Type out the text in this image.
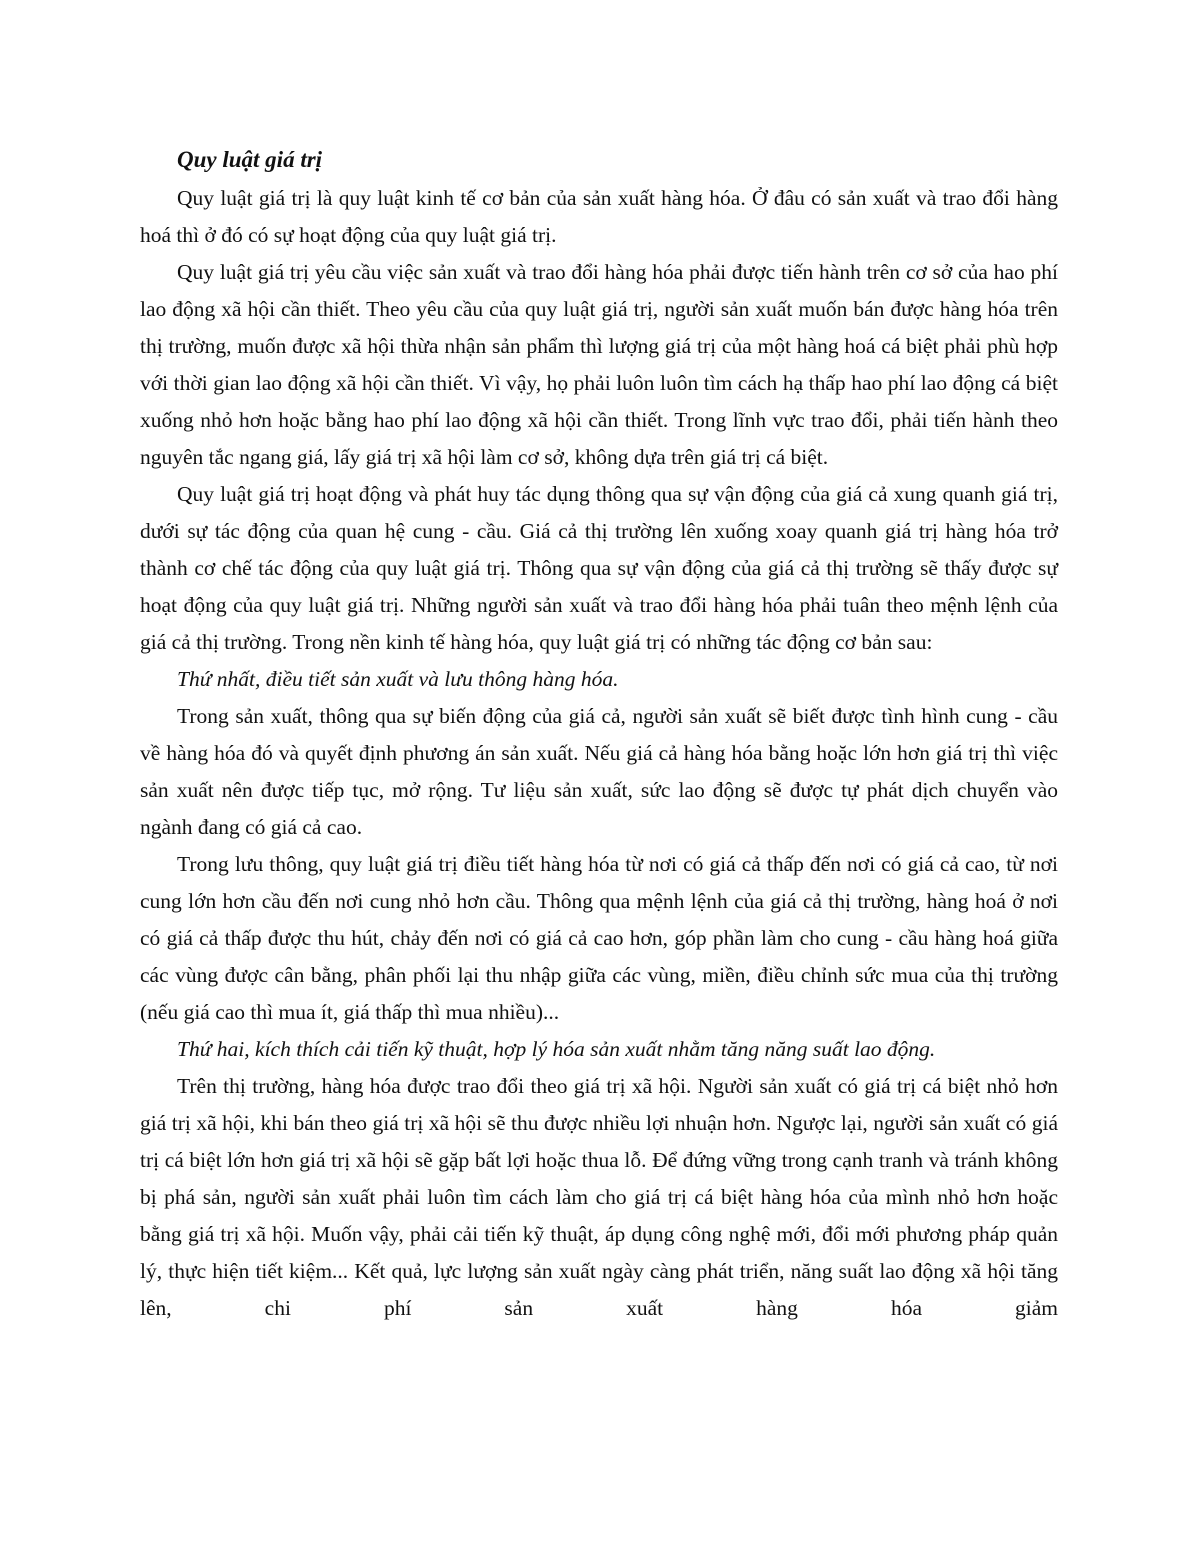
Quy luật giá trị

Quy luật giá trị là quy luật kinh tế cơ bản của sản xuất hàng hóa. Ở đâu có sản xuất và trao đổi hàng hoá thì ở đó có sự hoạt động của quy luật giá trị.

Quy luật giá trị yêu cầu việc sản xuất và trao đổi hàng hóa phải được tiến hành trên cơ sở của hao phí lao động xã hội cần thiết. Theo yêu cầu của quy luật giá trị, người sản xuất muốn bán được hàng hóa trên thị trường, muốn được xã hội thừa nhận sản phẩm thì lượng giá trị của một hàng hoá cá biệt phải phù hợp với thời gian lao động xã hội cần thiết. Vì vậy, họ phải luôn luôn tìm cách hạ thấp hao phí lao động cá biệt xuống nhỏ hơn hoặc bằng hao phí lao động xã hội cần thiết. Trong lĩnh vực trao đổi, phải tiến hành theo nguyên tắc ngang giá, lấy giá trị xã hội làm cơ sở, không dựa trên giá trị cá biệt.

Quy luật giá trị hoạt động và phát huy tác dụng thông qua sự vận động của giá cả xung quanh giá trị, dưới sự tác động của quan hệ cung - cầu. Giá cả thị trường lên xuống xoay quanh giá trị hàng hóa trở thành cơ chế tác động của quy luật giá trị. Thông qua sự vận động của giá cả thị trường sẽ thấy được sự hoạt động của quy luật giá trị. Những người sản xuất và trao đổi hàng hóa phải tuân theo mệnh lệnh của giá cả thị trường. Trong nền kinh tế hàng hóa, quy luật giá trị có những tác động cơ bản sau:

Thứ nhất, điều tiết sản xuất và lưu thông hàng hóa.

Trong sản xuất, thông qua sự biến động của giá cả, người sản xuất sẽ biết được tình hình cung - cầu về hàng hóa đó và quyết định phương án sản xuất. Nếu giá cả hàng hóa bằng hoặc lớn hơn giá trị thì việc sản xuất nên được tiếp tục, mở rộng. Tư liệu sản xuất, sức lao động sẽ được tự phát dịch chuyển vào ngành đang có giá cả cao.

Trong lưu thông, quy luật giá trị điều tiết hàng hóa từ nơi có giá cả thấp đến nơi có giá cả cao, từ nơi cung lớn hơn cầu đến nơi cung nhỏ hơn cầu. Thông qua mệnh lệnh của giá cả thị trường, hàng hoá ở nơi có giá cả thấp được thu hút, chảy đến nơi có giá cả cao hơn, góp phần làm cho cung - cầu hàng hoá giữa các vùng được cân bằng, phân phối lại thu nhập giữa các vùng, miền, điều chỉnh sức mua của thị trường (nếu giá cao thì mua ít, giá thấp thì mua nhiều)...

Thứ hai, kích thích cải tiến kỹ thuật, hợp lý hóa sản xuất nhằm tăng năng suất lao động.

Trên thị trường, hàng hóa được trao đổi theo giá trị xã hội. Người sản xuất có giá trị cá biệt nhỏ hơn giá trị xã hội, khi bán theo giá trị xã hội sẽ thu được nhiều lợi nhuận hơn. Ngược lại, người sản xuất có giá trị cá biệt lớn hơn giá trị xã hội sẽ gặp bất lợi hoặc thua lỗ. Để đứng vững trong cạnh tranh và tránh không bị phá sản, người sản xuất phải luôn tìm cách làm cho giá trị cá biệt hàng hóa của mình nhỏ hơn hoặc bằng giá trị xã hội. Muốn vậy, phải cải tiến kỹ thuật, áp dụng công nghệ mới, đổi mới phương pháp quản lý, thực hiện tiết kiệm... Kết quả, lực lượng sản xuất ngày càng phát triển, năng suất lao động xã hội tăng lên, chi phí sản xuất hàng hóa giảm
